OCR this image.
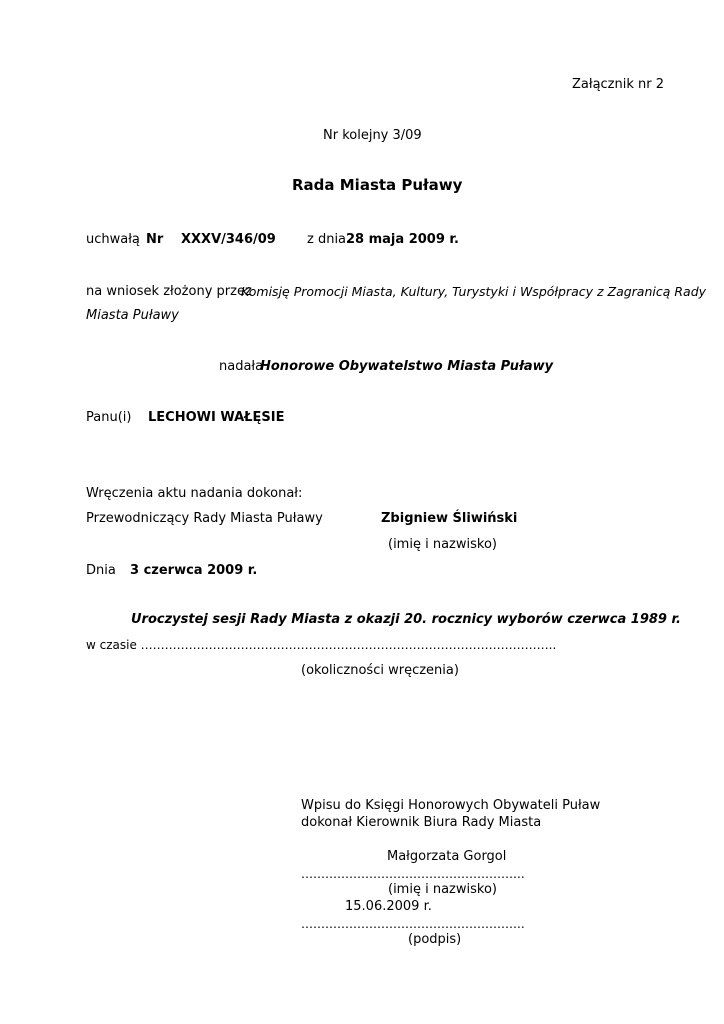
Załącznik nr 2
Nr kolejny 3/09
Rada Miasta Puławy
uchwałą Nr XXXV/346/09 z dnia 28 maja 2009 r.
na wniosek złożony przez
Komisję Promocji Miasta, Kultury, Turystyki i Współpracy z Zagranicą Rady
Miasta Puławy
nadała
Honorowe Obywatelstwo Miasta Puławy
Panu(i) LECHOWI WAŁĘSIE
Wręczenia aktu nadania dokonał:
Przewodniczący Rady Miasta Puławy	Zbigniew Śliwiński
(imię i nazwisko)
Dnia 3 czerwca 2009 r.
Uroczystej sesji Rady Miasta z okazji 20. rocznicy wyborów czerwca 1989 r.
w czasie …………………………………………………………………………………………..
(okoliczności wręczenia)
Wpisu do Księgi Honorowych Obywateli Puław
dokonał Kierownik Biura Rady Miasta
Małgorzata Gorgol
………………………………………………..
(imię i nazwisko)
15.06.2009 r.
………………………………………………..
(podpis)
